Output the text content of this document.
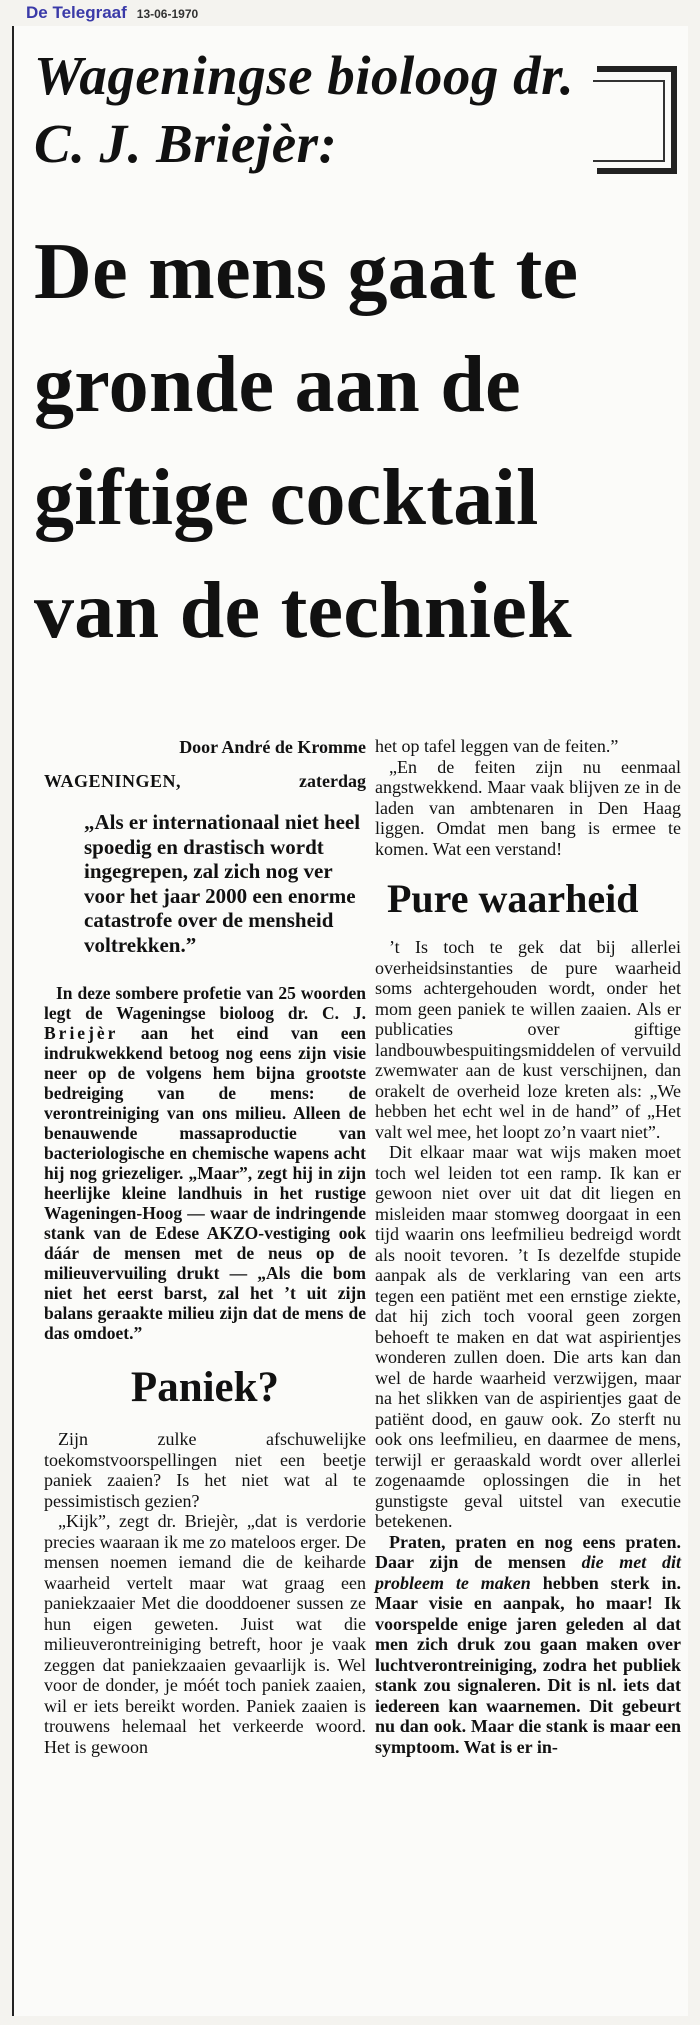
De Telegraaf 13-06-1970
Wageningse bioloog dr. C. J. Briejèr:
De mens gaat te gronde aan de giftige cocktail van de techniek

Door André de Kromme

WAGENINGEN,	zaterdag

„Als er internationaal niet heel spoedig en drastisch wordt ingegrepen, zal zich nog ver voor het jaar 2000 een enorme catastrofe over de mensheid voltrekken.”

In deze sombere profetie van 25 woorden legt de Wageningse bioloog dr. C. J. Briejèr aan het eind van een indrukwekkend betoog nog eens zijn visie neer op de volgens hem bijna grootste bedreiging van de mens: de verontreiniging van ons milieu. Alleen de benauwende massaproductie van bacteriologische en chemische wapens acht hij nog griezeliger. „Maar”, zegt hij in zijn heerlijke kleine landhuis in het rustige Wageningen-Hoog — waar de indringende stank van de Edese AKZO-vestiging ook dáár de mensen met de neus op de milieuvervuiling drukt — „Als die bom niet het eerst barst, zal het ’t uit zijn balans geraakte milieu zijn dat de mens de das omdoet.”

Paniek?

Zijn zulke afschuwelijke toekomstvoorspellingen niet een beetje paniek zaaien? Is het niet wat al te pessimistisch gezien?

„Kijk”, zegt dr. Briejèr, „dat is verdorie precies waaraan ik me zo mateloos erger. De mensen noemen iemand die de keiharde waarheid vertelt maar wat graag een paniekzaaier Met die dooddoener sussen ze hun eigen geweten. Juist wat die milieuverontreiniging betreft, hoor je vaak zeggen dat paniekzaaien gevaarlijk is. Wel voor de donder, je móét toch paniek zaaien, wil er iets bereikt worden. Paniek zaaien is trouwens helemaal het verkeerde woord. Het is gewoon

het op tafel leggen van de feiten.”

„En de feiten zijn nu eenmaal angstwekkend. Maar vaak blijven ze in de laden van ambtenaren in Den Haag liggen. Omdat men bang is ermee te komen. Wat een verstand!

Pure waarheid

’t Is toch te gek dat bij allerlei overheidsinstanties de pure waarheid soms achtergehouden wordt, onder het mom geen paniek te willen zaaien. Als er publicaties over giftige landbouwbespuitingsmiddelen of vervuild zwemwater aan de kust verschijnen, dan orakelt de overheid loze kreten als: „We hebben het echt wel in de hand” of „Het valt wel mee, het loopt zo’n vaart niet”.

Dit elkaar maar wat wijs maken moet toch wel leiden tot een ramp. Ik kan er gewoon niet over uit dat dit liegen en misleiden maar stomweg doorgaat in een tijd waarin ons leefmilieu bedreigd wordt als nooit tevoren. ’t Is dezelfde stupide aanpak als de verklaring van een arts tegen een patiënt met een ernstige ziekte, dat hij zich toch vooral geen zorgen behoeft te maken en dat wat aspirientjes wonderen zullen doen. Die arts kan dan wel de harde waarheid verzwijgen, maar na het slikken van de aspirientjes gaat de patiënt dood, en gauw ook. Zo sterft nu ook ons leefmilieu, en daarmee de mens, terwijl er geraaskald wordt over allerlei zogenaamde oplossingen die in het gunstigste geval uitstel van executie betekenen.

Praten, praten en nog eens praten. Daar zijn de mensen die met dit probleem te maken hebben sterk in. Maar visie en aanpak, ho maar! Ik voorspelde enige jaren geleden al dat men zich druk zou gaan maken over luchtverontreiniging, zodra het publiek stank zou signaleren. Dit is nl. iets dat iedereen kan waarnemen. Dit gebeurt nu dan ook. Maar die stank is maar een symptoom. Wat is er in-
